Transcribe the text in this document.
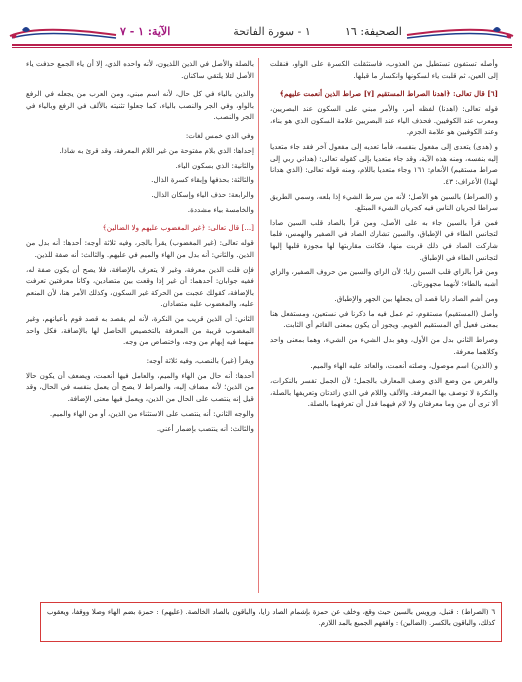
الآية: ١ - ٧	١ - سورة الفاتحة	الصحيفة: ١٦

وأصله تستفون تستطيل من العذوب، فاستثقلت الكسرة على الواو، فنقلت إلى العين، ثم قلبت ياء لسكونها وانكسار ما قبلها.

[٦] قال تعالى: ﴿اهدنا الصراط المستقيم [٧] صراط الذين أنعمت عليهم﴾

قوله تعالى: (اهدنا) لفظه أمر، والأمر مبني على السكون عند البصريين، ومعرب عند الكوفيين. فحذف الياء عند البصريين علامة السكون الذي هو بناء، وعند الكوفيين هو علامة الجزم.

و (هدى) يتعدى إلى مفعول بنفسه، فأما تعديه إلى مفعول آخر فقد جاء متعديا إليه بنفسه، ومنه هذه الآية، وقد جاء متعديا بإلى كقوله تعالى: (هداني ربي إلى صراط مستقيم) الأنعام: ١٦١ وجاء متعديا باللام، ومنه قوله تعالى: (الذي هدانا لهذا) الأعراف: ٤٣.

و (الصراط) بالسين هو الأصل؛ لأنه من سرط الشيء إذا بلعه، وسمي الطريق سراطا لجريان الناس فيه كجريان الشيء المبتلع.

فمن قرأ بالسين جاء به على الأصل، ومن قرأ بالصاد قلب السين صادا لتجانس الطاء في الإطباق، والسين تشارك الصاد في الصفير والهمس، فلما شاركت الصاد في ذلك قربت منها، فكانت مقاربتها لها مجوزة قلبها إليها لتجانس الطاء في الإطباق.

ومن قرأ بالزاي قلب السين زايا؛ لأن الزاي والسين من حروف الصفير، والزاي أشبه بالطاء؛ لأنهما مجهورتان.

ومن أشم الصاد زايا قصد أن يجعلها بين الجهر والإطباق.

وأصل (المستقيم) مستقوم، ثم عمل فيه ما ذكرنا في نستعين، ومستفعل هنا بمعنى فعيل أي المستقيم القويم. ويجوز أن يكون بمعنى القائم أي الثابت.

وصراط الثاني بدل من الأول، وهو بدل الشيء من الشيء، وهما بمعنى واحد وكلاهما معرفة.

و (الذين) اسم موصول، وصلته أنعمت، والعائد عليه الهاء والميم.

والغرض من وضع الذي وصف المعارف بالجمل؛ لأن الجمل تفسر بالنكرات، والنكرة لا توصف بها المعرفة. والألف واللام في الذي زائدتان وتعريفها بالصلة، ألا ترى أن من وما معرفتان ولا لام فيهما فدل أن تعرفهما بالصلة.

بالصلة والأصل في الذين اللذيون، لأنه واحده الذي، إلا أن ياء الجمع حذفت ياء الأصل لئلا يلتقي ساكنان.

والذين بالياء في كل حال، لأنه اسم مبني، ومن العرب من يجعله في الرفع بالواو، وفي الجر والنصب بالياء، كما جعلوا تثنيته بالألف في الرفع وبالياء في الجر والنصب.

وفي الذي خمس لغات:

إحداها: الذي بلام مفتوحة من غير اللام المعرفة، وقد قرئ به شاذا.

والثانية: الذي بسكون الياء.

والثالثة: بحذفها وإبقاء كسرة الذال.

والرابعة: حذف الياء وإسكان الذال.

والخامسة بياء مشددة.

[...] قال تعالى: ﴿غير المغضوب عليهم ولا الضالين﴾

قوله تعالى: (غير المغضوب) يقرأ بالجر، وفيه ثلاثة أوجه: أحدها: أنه بدل من الذين. والثاني: أنه بدل من الهاء والميم في عليهم. والثالث: أنه صفة للذين.

فإن قلت الذين معرفة، وغير لا يتعرف بالإضافة، فلا يصح أن يكون صفة له، ففيه جوابان: أحدهما: أن غير إذا وقعت بين متضادين، وكانا معرفتين تعرفت بالإضافة، كقولك عجبت من الحركة غير السكون، وكذلك الأمر هنا، لأن المنعم عليه، والمغضوب عليه متضادان.

الثاني: أن الذين قريب من النكرة، لأنه لم يقصد به قصد قوم بأعيانهم، وغير المغضوب قريبة من المعرفة بالتخصيص الحاصل لها بالإضافة، فكل واحد منهما فيه إبهام من وجه، واختصاص من وجه.

ويقرأ (غير) بالنصب، وفيه ثلاثة أوجه:

أحدها: أنه حال من الهاء والميم، والعامل فيها أنعمت، ويضعف أن يكون حالا من الذين؛ لأنه مضاف إليه، والصراط لا يصح أن يعمل بنفسه في الحال، وقد قيل إنه ينتصب على الحال من الذين، ويعمل فيها معنى الإضافة.

والوجه الثاني: أنه ينتصب على الاستثناء من الذين، أو من الهاء والميم.

والثالث: أنه ينتصب بإضمار أعني.

٦ (الصراط) : قنبل، ورويس بالسين حيث وقع، وخلف عن حمزة بإشمام الصاد زايا، والباقون بالصاد الخالصة. (عليهم) : حمزة بضم الهاء وصلا ووقفا، ويعقوب كذلك، والباقون بالكسر. (الضالين) : وافقهم الجميع بالمد اللازم.
